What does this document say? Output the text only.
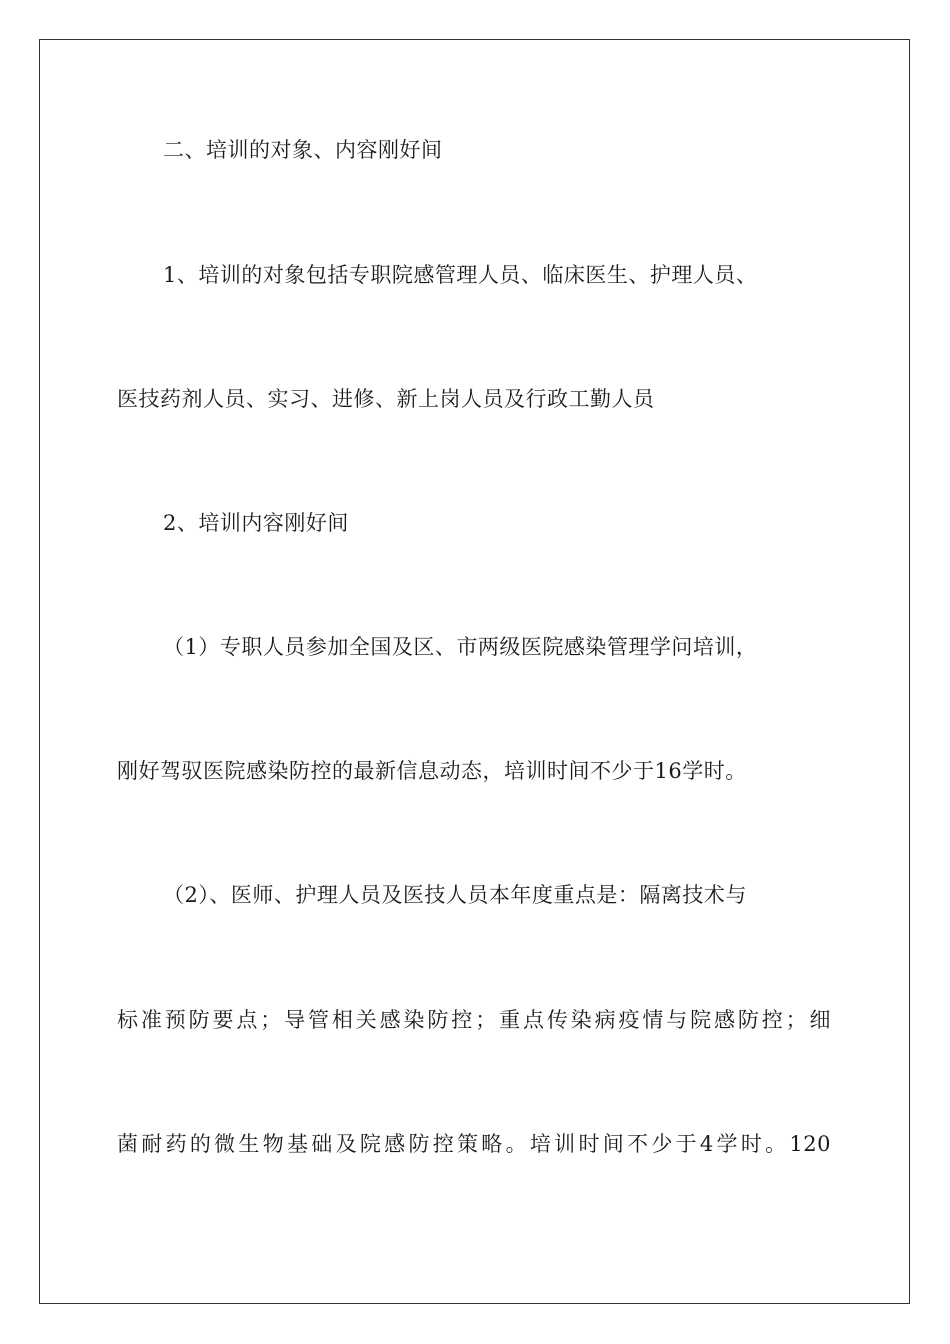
二、培训的对象、内容刚好间
1、培训的对象包括专职院感管理人员、临床医生、护理人员、
医技药剂人员、实习、进修、新上岗人员及行政工勤人员
2、培训内容刚好间
（1）专职人员参加全国及区、市两级医院感染管理学问培训，
刚好驾驭医院感染防控的最新信息动态，培训时间不少于16学时。
（2）、医师、护理人员及医技人员本年度重点是：隔离技术与
标准预防要点；导管相关感染防控；重点传染病疫情与院感防控；细
菌耐药的微生物基础及院感防控策略。培训时间不少于4学时。120
